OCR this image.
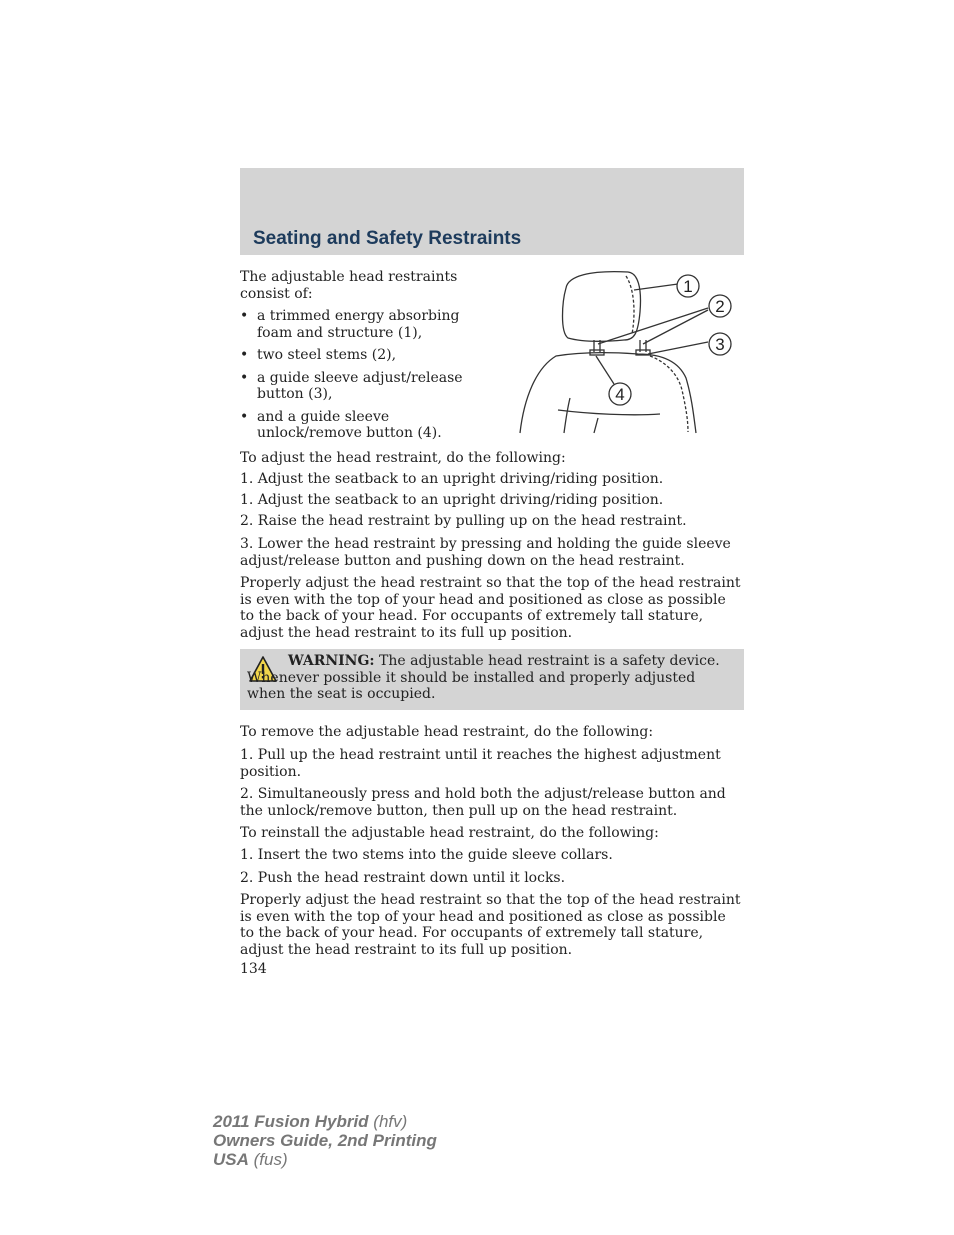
Seating and Safety Restraints

The adjustable head restraints consist of:

• a trimmed energy absorbing foam and structure (1),
• two steel stems (2),
• a guide sleeve adjust/release button (3),
• and a guide sleeve unlock/remove button (4).
1
2
3
4

To adjust the head restraint, do the following:

1. Adjust the seatback to an upright driving/riding position.

1. Adjust the seatback to an upright driving/riding position.

2. Raise the head restraint by pulling up on the head restraint.

3. Lower the head restraint by pressing and holding the guide sleeve adjust/release button and pushing down on the head restraint.

Properly adjust the head restraint so that the top of the head restraint is even with the top of your head and positioned as close as possible to the back of your head. For occupants of extremely tall stature, adjust the head restraint to its full up position.

WARNING: The adjustable head restraint is a safety device. Whenever possible it should be installed and properly adjusted when the seat is occupied.

To remove the adjustable head restraint, do the following:

1. Pull up the head restraint until it reaches the highest adjustment position.

2. Simultaneously press and hold both the adjust/release button and the unlock/remove button, then pull up on the head restraint.

To reinstall the adjustable head restraint, do the following:

1. Insert the two stems into the guide sleeve collars.

2. Push the head restraint down until it locks.

Properly adjust the head restraint so that the top of the head restraint is even with the top of your head and positioned as close as possible to the back of your head. For occupants of extremely tall stature, adjust the head restraint to its full up position.

134
2011 Fusion Hybrid (hfv)
Owners Guide, 2nd Printing
USA (fus)
